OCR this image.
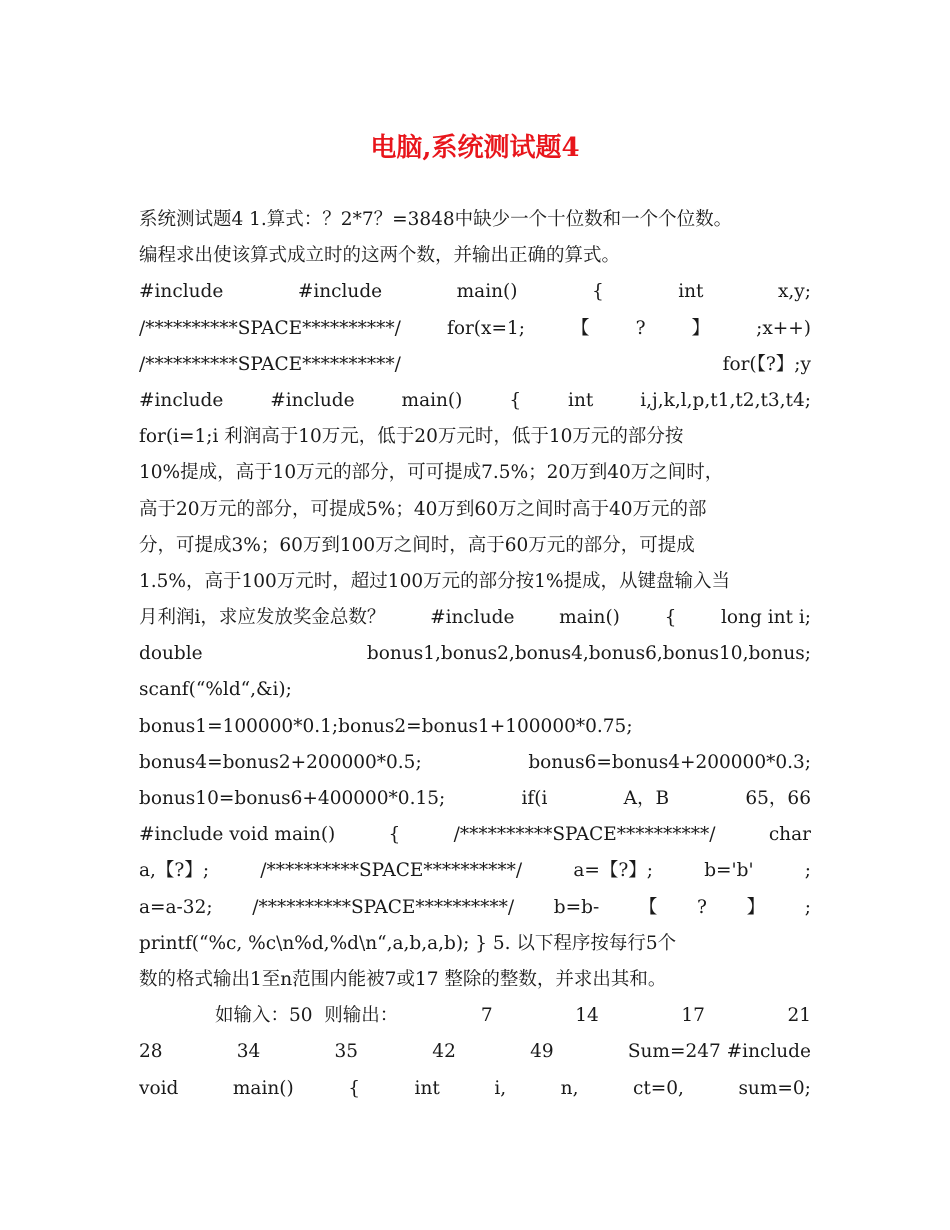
电脑,系统测试题4
系统测试题4 1.算式：？2*7？=3848中缺少一个十位数和一个个位数。
编程求出使该算式成立时的这两个数，并输出正确的算式。
#include	#include	main()	{	int	x,y;
/**********SPACE**********/ for(x=1; 【 ? 】 ;x++)
/**********SPACE**********/	for(【?】;y
#include	#include	main()	{	int	i,j,k,l,p,t1,t2,t3,t4;
for(i=1;i 利润高于10万元，低于20万元时，低于10万元的部分按
10%提成，高于10万元的部分，可可提成7.5%；20万到40万之间时，
高于20万元的部分，可提成5%；40万到60万之间时高于40万元的部
分，可提成3%；60万到100万之间时，高于60万元的部分，可提成
1.5%，高于100万元时，超过100万元的部分按1%提成，从键盘输入当
月利润i，求应发放奖金总数？ #include main() { long int i;
double	bonus1,bonus2,bonus4,bonus6,bonus10,bonus;
scanf(“%ld“,&i);
bonus1=100000*0.1;bonus2=bonus1+100000*0.75;
bonus4=bonus2+200000*0.5;	bonus6=bonus4+200000*0.3;
bonus10=bonus6+400000*0.15;	if(i	A，B	65，66
#include void main()	{	/**********SPACE**********/	char
a,【?】;	/**********SPACE**********/	a=【?】;	b='b'	;
a=a-32; /**********SPACE**********/ b=b- 【 ? 】 ;
printf(“%c, %c\n%d,%d\n“,a,b,a,b); } 5. 以下程序按每行5个
数的格式输出1至n范围内能被7或17 整除的整数，并求出其和。
如输入：50  则输出：	7	14	17	21
28	34	35	42	49	Sum=247 #include
void	main()	{	int	i,	n,	ct=0,	sum=0;
